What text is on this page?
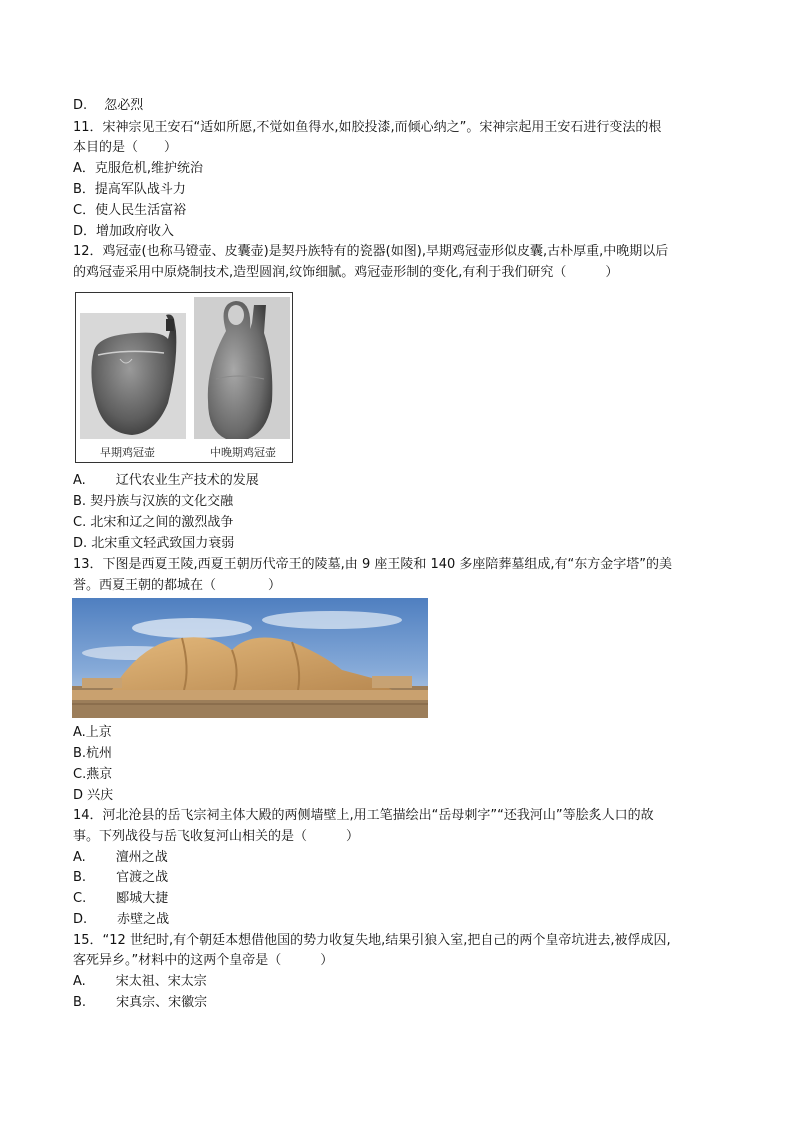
D.　 忽必烈
11．宋神宗见王安石“适如所愿,不觉如鱼得水,如胶投漆,而倾心纳之”。宋神宗起用王安石进行变法的根
本目的是（　　）
A．克服危机,维护统治
B．提高军队战斗力
C．使人民生活富裕
D．增加政府收入
12．鸡冠壶(也称马镫壶、皮囊壶)是契丹族特有的瓷器(如图),早期鸡冠壶形似皮囊,古朴厚重,中晚期以后
的鸡冠壶采用中原烧制技术,造型圆润,纹饰细腻。鸡冠壶形制的变化,有利于我们研究（　　　）
早期鸡冠壶	中晚期鸡冠壶
A. 辽代农业生产技术的发展
B. 契丹族与汉族的文化交融
C. 北宋和辽之间的激烈战争
D. 北宋重文轻武致国力衰弱
13．下图是西夏王陵,西夏王朝历代帝王的陵墓,由 9 座王陵和 140 多座陪葬墓组成,有“东方金字塔”的美
誉。西夏王朝的都城在（　　　　）
A.上京
B.杭州
C.燕京
D 兴庆
14．河北沧县的岳飞宗祠主体大殿的两侧墙壁上,用工笔描绘出“岳母刺字”“还我河山”等脍炙人口的故
事。下列战役与岳飞收复河山相关的是（　　　）
A. 澶州之战
B. 官渡之战
C. 郾城大捷
D. 赤壁之战
15．“12 世纪时,有个朝廷本想借他国的势力收复失地,结果引狼入室,把自己的两个皇帝坑进去,被俘成囚,
客死异乡。”材料中的这两个皇帝是（　　　）
A. 宋太祖、宋太宗
B. 宋真宗、宋徽宗
